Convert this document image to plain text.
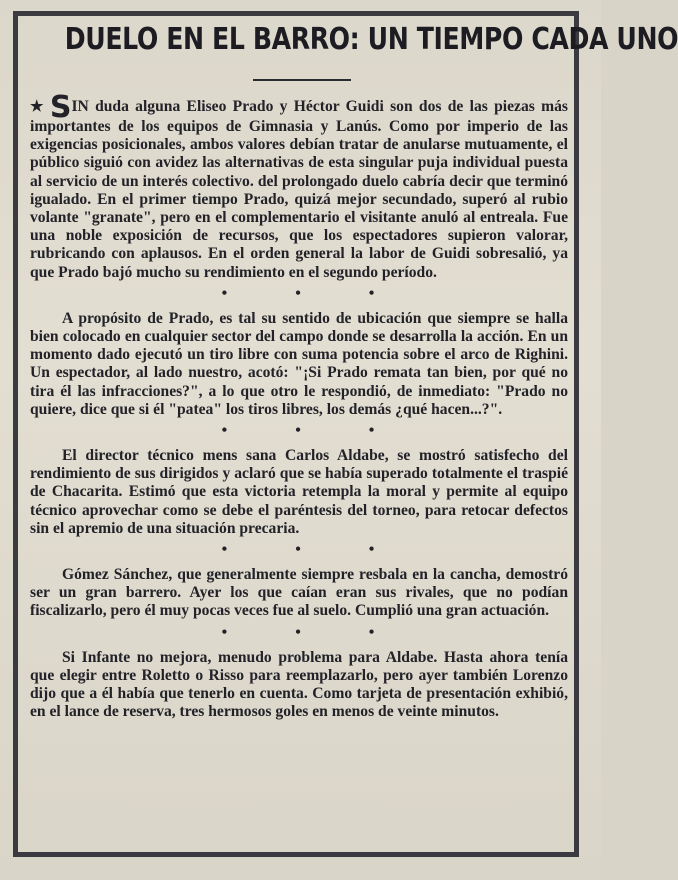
DUELO EN EL BARRO: UN TIEMPO CADA UNO

★ SIN duda alguna Eliseo Prado y Héctor Guidi son dos de las piezas más importantes de los equipos de Gimnasia y Lanús. Como por imperio de las exigencias posicionales, ambos valores debían tratar de anularse mutuamente, el público siguió con avidez las alternativas de esta singular puja individual puesta al servicio de un interés colectivo. del prolongado duelo cabría decir que terminó igualado. En el primer tiempo Prado, quizá mejor secundado, superó al rubio volante "granate", pero en el complementario el visitante anuló al entreala. Fue una noble exposición de recursos, que los espectadores supieron valorar, rubricando con aplausos. En el orden general la labor de Guidi sobresalió, ya que Prado bajó mucho su rendimiento en el segundo período.

• • •

A propósito de Prado, es tal su sentido de ubicación que siempre se halla bien colocado en cualquier sector del campo donde se desarrolla la acción. En un momento dado ejecutó un tiro libre con suma potencia sobre el arco de Righini. Un espectador, al lado nuestro, acotó: "¡Si Prado remata tan bien, por qué no tira él las infracciones?", a lo que otro le respondió, de inmediato: "Prado no quiere, dice que si él "patea" los tiros libres, los demás ¿qué hacen...?".

• • •

El director técnico mens sana Carlos Aldabe, se mostró satisfecho del rendimiento de sus dirigidos y aclaró que se había superado totalmente el traspié de Chacarita. Estimó que esta victoria retempla la moral y permite al equipo técnico aprovechar como se debe el paréntesis del torneo, para retocar defectos sin el apremio de una situación precaria.

• • •

Gómez Sánchez, que generalmente siempre resbala en la cancha, demostró ser un gran barrero. Ayer los que caían eran sus rivales, que no podían fiscalizarlo, pero él muy pocas veces fue al suelo. Cumplió una gran actuación.

• • •

Si Infante no mejora, menudo problema para Aldabe. Hasta ahora tenía que elegir entre Roletto o Risso para reemplazarlo, pero ayer también Lorenzo dijo que a él había que tenerlo en cuenta. Como tarjeta de presentación exhibió, en el lance de reserva, tres hermosos goles en menos de veinte minutos.
